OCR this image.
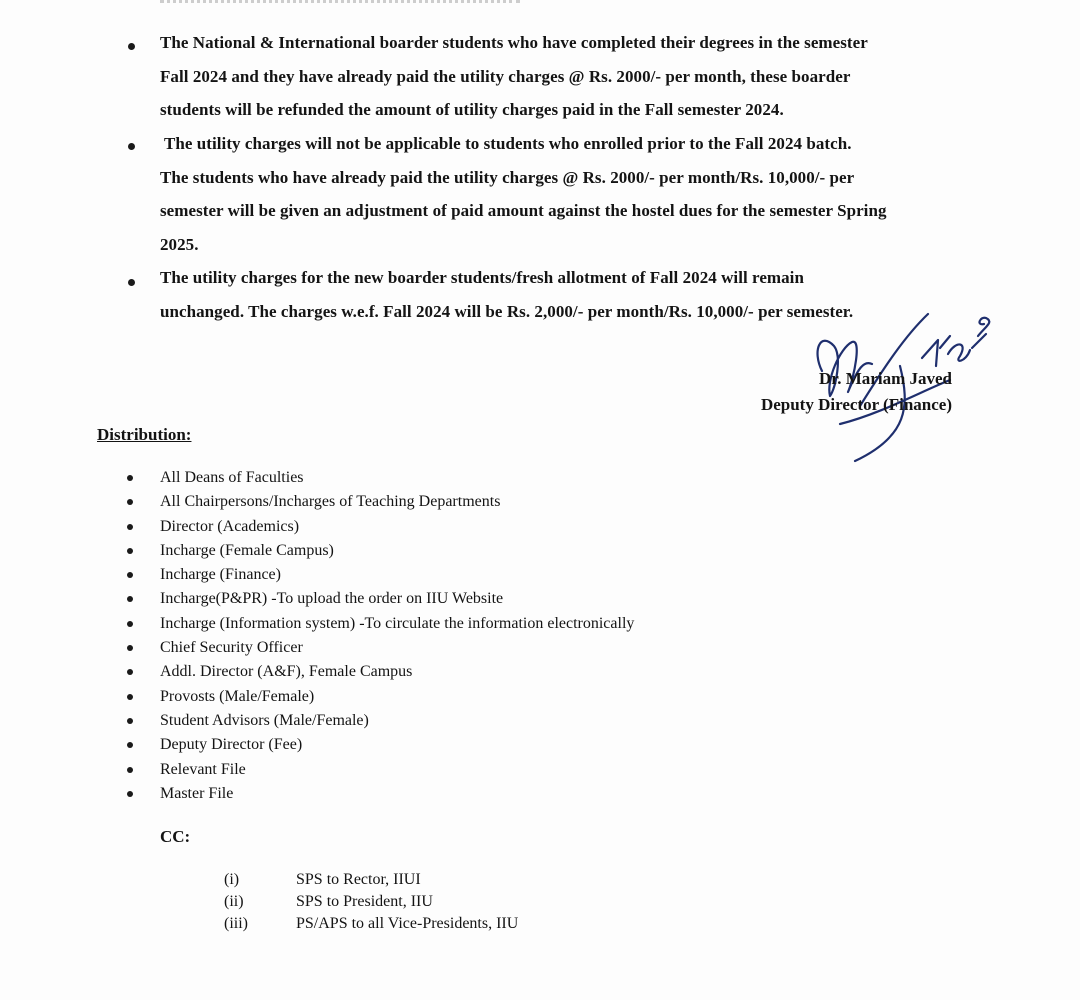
The National & International boarder students who have completed their degrees in the semester
Fall 2024 and they have already paid the utility charges @ Rs. 2000/- per month, these boarder
students will be refunded the amount of utility charges paid in the Fall semester 2024.
The utility charges will not be applicable to students who enrolled prior to the Fall 2024 batch.
The students who have already paid the utility charges @ Rs. 2000/- per month/Rs. 10,000/- per
semester will be given an adjustment of paid amount against the hostel dues for the semester Spring
2025.
The utility charges for the new boarder students/fresh allotment of Fall 2024 will remain
unchanged. The charges w.e.f. Fall 2024 will be Rs. 2,000/- per month/Rs. 10,000/- per semester.
Dr. Mariam Javed
Deputy Director (Finance)
Distribution:
All Deans of Faculties
All Chairpersons/Incharges of Teaching Departments
Director (Academics)
Incharge (Female Campus)
Incharge (Finance)
Incharge(P&PR) -To upload the order on IIU Website
Incharge (Information system) -To circulate the information electronically
Chief Security Officer
Addl. Director (A&F), Female Campus
Provosts (Male/Female)
Student Advisors (Male/Female)
Deputy Director (Fee)
Relevant File
Master File
CC:
(i)	SPS to Rector, IIUI
(ii)	SPS to President, IIU
(iii)	PS/APS to all Vice-Presidents, IIU
